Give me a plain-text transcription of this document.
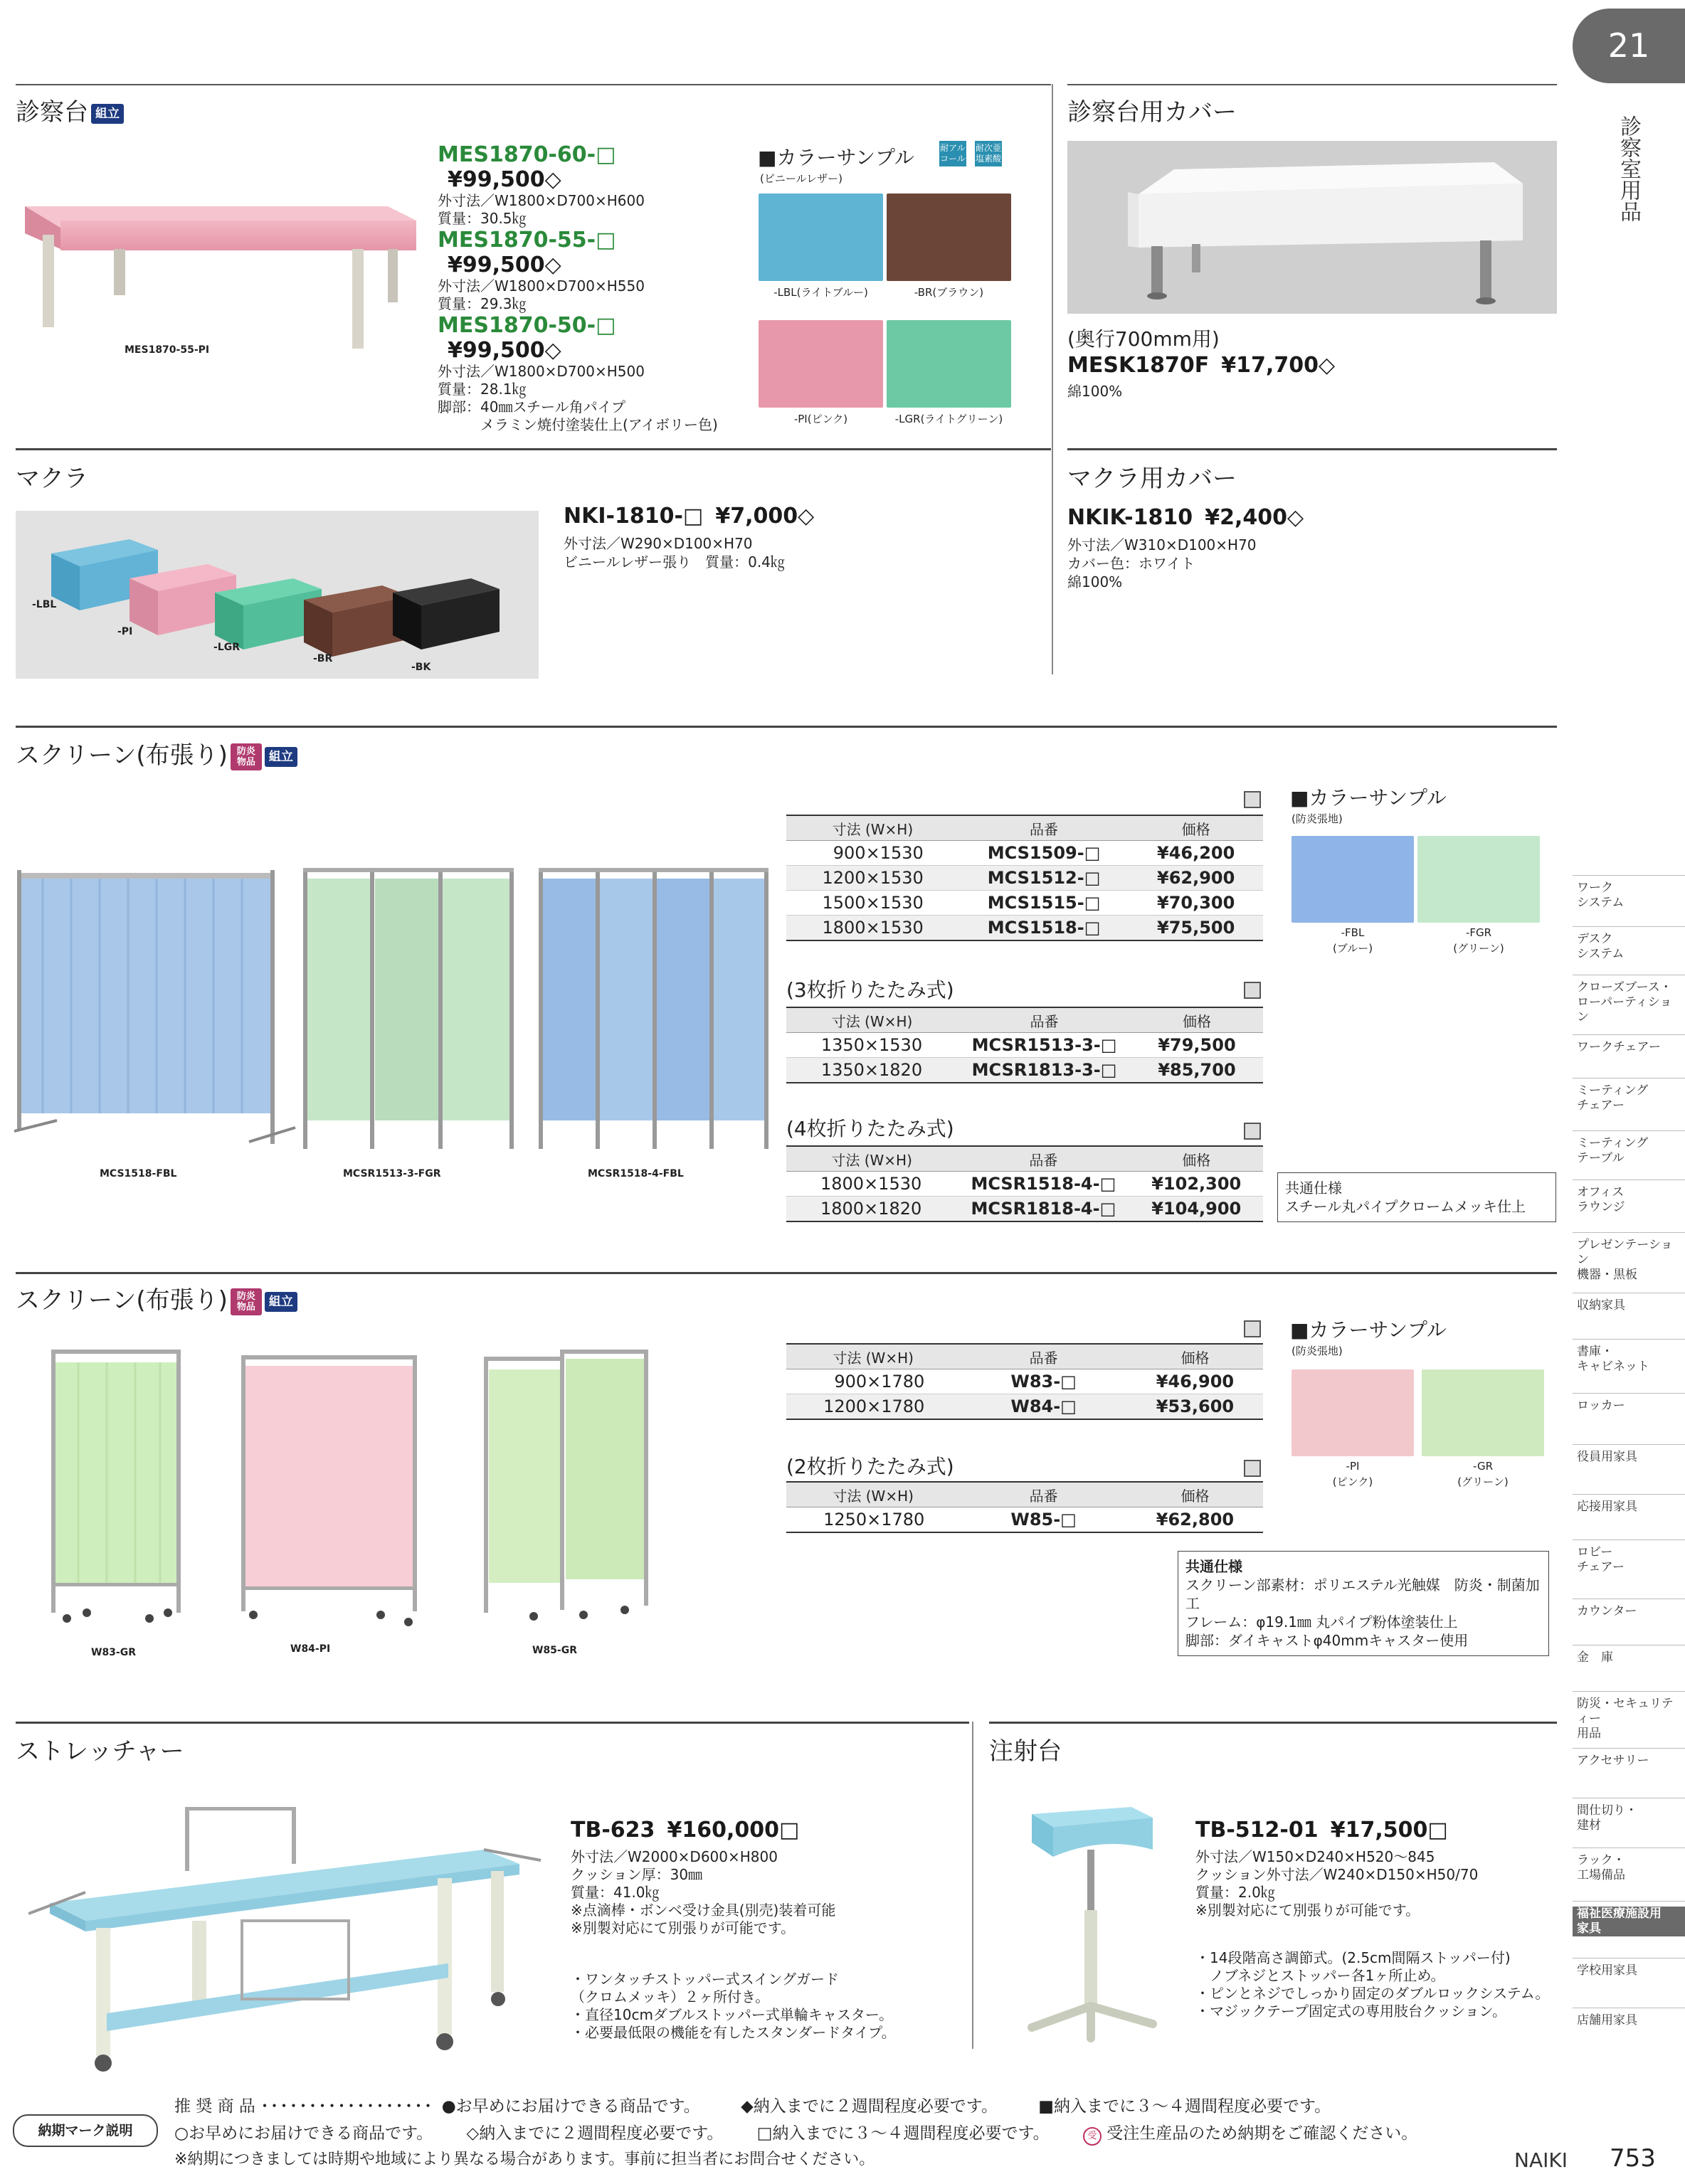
21
診察室用品
ワーク
システム
デスク
システム
クローズブース・
ローパーティション
ワークチェアー
ミーティング
チェアー
ミーティング
テーブル
オフィス
ラウンジ
プレゼンテーション
機器・黒板
収納家具
書庫・
キャビネット
ロッカー
役員用家具
応接用家具
ロビー
チェアー
カウンター
金　庫
防災・セキュリティー
用品
アクセサリー
間仕切り・
建材
ラック・
工場備品
福祉医療施設用
家具
学校用家具
店舗用家具
診察台 組立
MES1870-55-PI
MES1870-60-□ ¥99,500◇
外寸法／W1800×D700×H600
質量：30.5㎏
MES1870-55-□ ¥99,500◇
外寸法／W1800×D700×H550
質量：29.3㎏
MES1870-50-□ ¥99,500◇
外寸法／W1800×D700×H500
質量：28.1㎏
脚部：40㎜スチール角パイプ
　　　メラミン焼付塗装仕上(アイボリー色)
■カラーサンプル
(ビニールレザー)
耐アル コール
耐次亜 塩素酸
-LBL(ライトブルー)	-BR(ブラウン)
-PI(ピンク)	-LGR(ライトグリーン)
診察台用カバー
(奥行700mm用)
MESK1870F ¥17,700◇
綿100%
マクラ
-LBL
-PI
-LGR
-BR
-BK
NKI-1810-□ ¥7,000◇
外寸法／W290×D100×H70
ビニールレザー張り　質量：0.4㎏
マクラ用カバー
NKIK-1810 ¥2,400◇
外寸法／W310×D100×H70
カバー色：ホワイト
綿100%
スクリーン(布張り) 防炎 物品 組立
MCS1518-FBL	MCSR1513-3-FGR	MCSR1518-4-FBL
寸法 (W×H)	品番	価格
900×1530	MCS1509-□	¥46,200
1200×1530	MCS1512-□	¥62,900
1500×1530	MCS1515-□	¥70,300
1800×1530	MCS1518-□	¥75,500
(3枚折りたたみ式)
寸法 (W×H)	品番	価格
1350×1530	MCSR1513-3-□	¥79,500
1350×1820	MCSR1813-3-□	¥85,700
(4枚折りたたみ式)
寸法 (W×H)	品番	価格
1800×1530	MCSR1518-4-□	¥102,300
1800×1820	MCSR1818-4-□	¥104,900
■カラーサンプル
(防炎張地)
-FBL
(ブルー)
-FGR
(グリーン)
共通仕様
スチール丸パイプクロームメッキ仕上
スクリーン(布張り) 防炎 物品 組立
W83-GR	W84-PI	W85-GR
寸法 (W×H)	品番	価格
900×1780	W83-□	¥46,900
1200×1780	W84-□	¥53,600
(2枚折りたたみ式)
寸法 (W×H)	品番	価格
1250×1780	W85-□	¥62,800
■カラーサンプル
(防炎張地)
-PI
(ピンク)
-GR
(グリーン)
共通仕様
スクリーン部素材：ポリエステル光触媒　防炎・制菌加工
フレーム：φ19.1㎜ 丸パイプ粉体塗装仕上
脚部：ダイキャストφ40mmキャスター使用
ストレッチャー
TB-623 ¥160,000□
外寸法／W2000×D600×H800
クッション厚：30㎜
質量：41.0㎏
※点滴棒・ボンベ受け金具(別売)装着可能
※別製対応にて別張りが可能です。
・ワンタッチストッパー式スイングガード
（クロムメッキ）２ヶ所付き。
・直径10cmダブルストッパー式単輪キャスター。
・必要最低限の機能を有したスタンダードタイプ。
注射台
TB-512-01 ¥17,500□
外寸法／W150×D240×H520～845
クッション外寸法／W240×D150×H50/70
質量：2.0㎏
※別製対応にて別張りが可能です。
・14段階高さ調節式。(2.5cm間隔ストッパー付)
　ノブネジとストッパー各1ヶ所止め。
・ピンとネジでしっかり固定のダブルロックシステム。
・マジックテープ固定式の専用肢台クッション。
納期マーク説明
推 奨 商 品 ･･････････････････ ●お早めにお届けできる商品です。 ◆納入までに２週間程度必要です。 ■納入までに３～４週間程度必要です。
○お早めにお届けできる商品です。 ◇納入までに２週間程度必要です。 □納入までに３～４週間程度必要です。	受 受注生産品のため納期をご確認ください。
※納期につきましては時期や地域により異なる場合があります。事前に担当者にお問合せください。	NAIKI 753
